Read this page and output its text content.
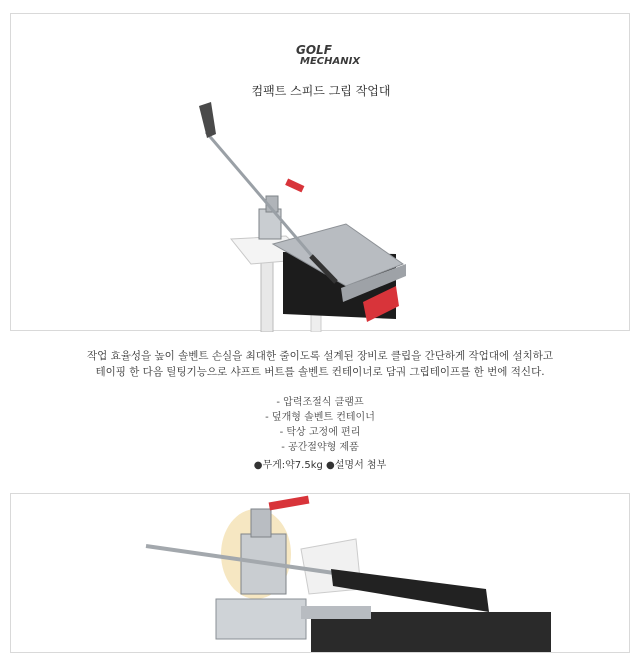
GOLF
MECHANIX
컴팩트 스피드 그립 작업대
작업 효율성을 높이 솔벤트 손실을 최대한 줄이도록 설계된 장비로 클립을 간단하게 작업대에 설치하고
테이핑 한 다음 틸팅기능으로 샤프트 버트를 솔벤트 컨테이너로 담궈 그립테이프를 한 번에 적신다.
- 압력조절식 클램프
- 덮개형 솔벤트 컨테이너
- 탁상 고정에 편리
- 공간절약형 제품
●무게:약7.5kg ●설명서 첨부
